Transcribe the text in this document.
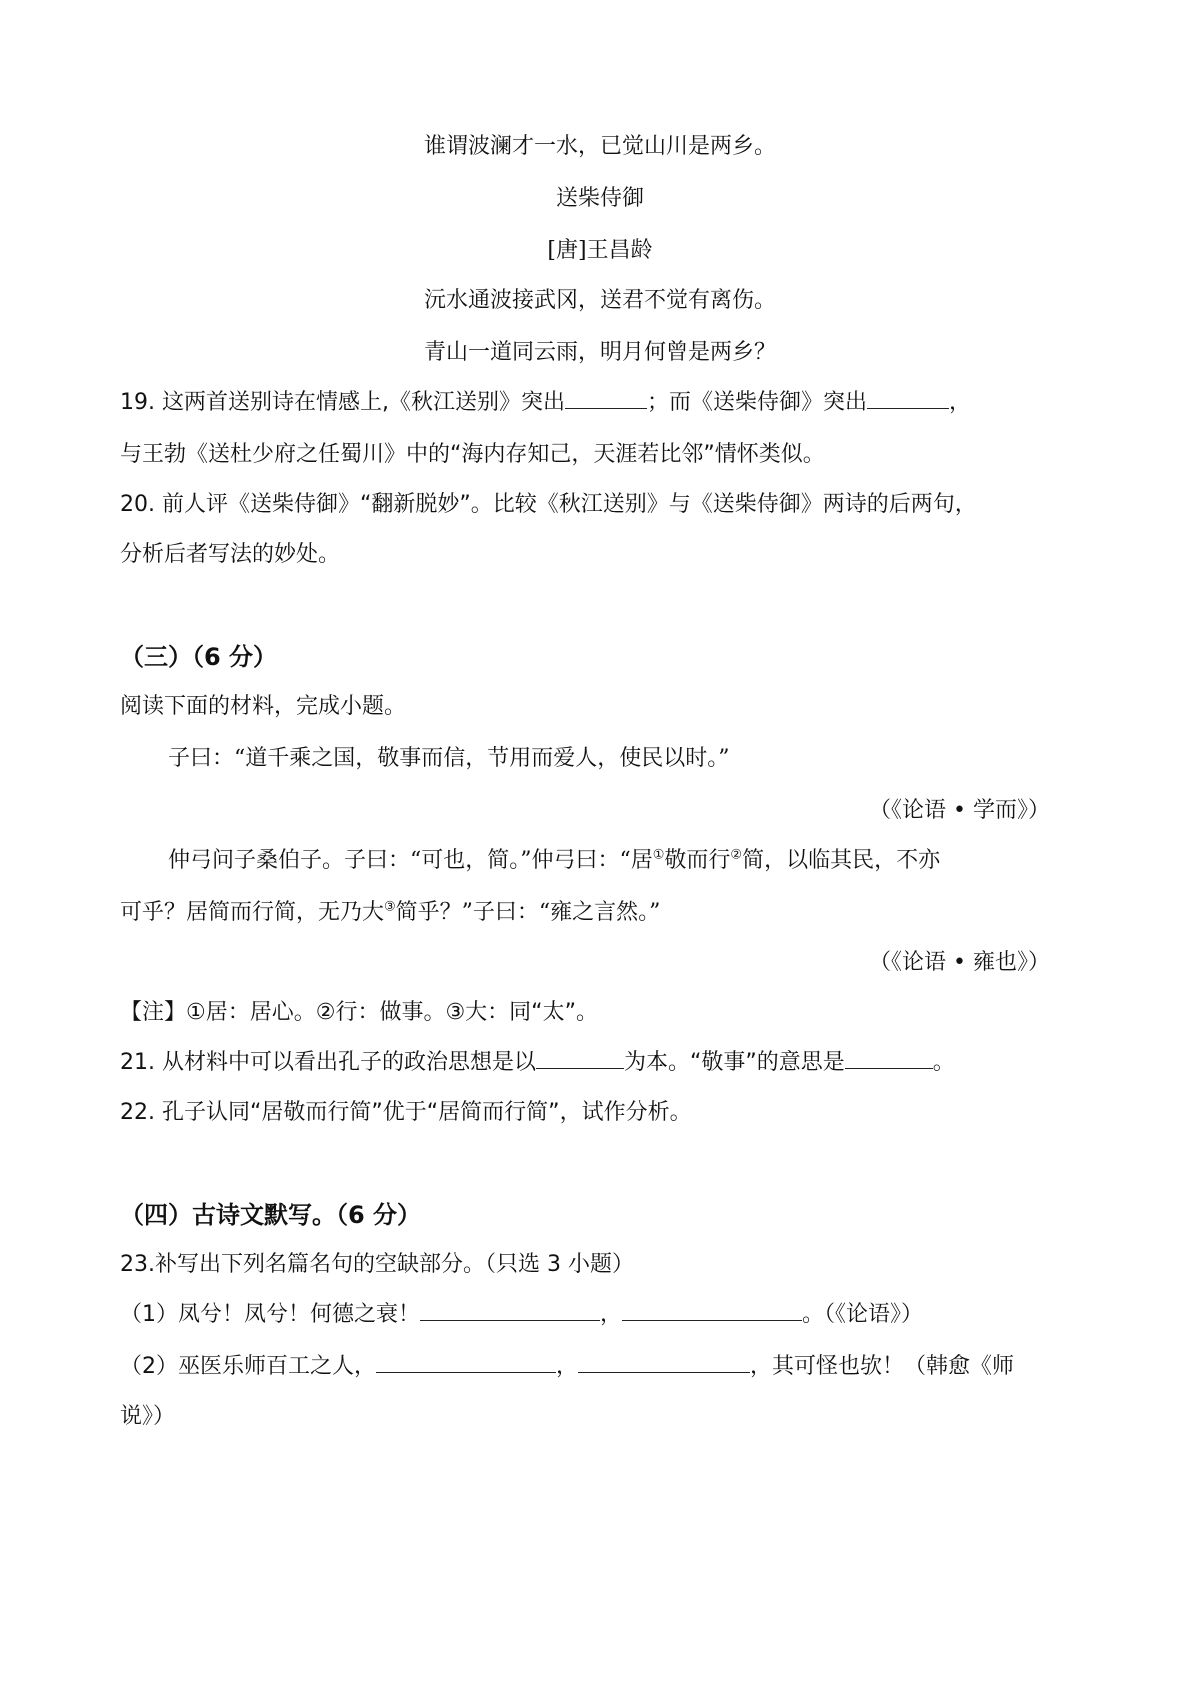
谁谓波澜才一水，已觉山川是两乡。
送柴侍御
[唐]王昌龄
沅水通波接武冈，送君不觉有离伤。
青山一道同云雨，明月何曾是两乡？
19. 这两首送别诗在情感上,《秋江送别》突出	；而《送柴侍御》突出	，
与王勃《送杜少府之任蜀川》中的“海内存知己，天涯若比邻”情怀类似。
20. 前人评《送柴侍御》“翻新脱妙”。比较《秋江送别》与《送柴侍御》两诗的后两句，
分析后者写法的妙处。
（三）（6 分）
阅读下面的材料，完成小题。
子曰：“道千乘之国，敬事而信，节用而爱人，使民以时。”
（《论语 • 学而》）
仲弓问子桑伯子。子曰：“可也，简。”仲弓曰：“居①敬而行②简，以临其民，不亦
可乎？居简而行简，无乃大③简乎？”子曰：“雍之言然。”
（《论语 • 雍也》）
【注】①居：居心。②行：做事。③大：同“太”。
21. 从材料中可以看出孔子的政治思想是以	为本。“敬事”的意思是	。
22. 孔子认同“居敬而行简”优于“居简而行简”，试作分析。
（四）古诗文默写。（6 分）
23.补写出下列名篇名句的空缺部分。（只选 3 小题）
（1）凤兮！凤兮！何德之衰！	，	。（《论语》）
（2）巫医乐师百工之人，	，	，其可怪也欤！（韩愈《师
说》）
